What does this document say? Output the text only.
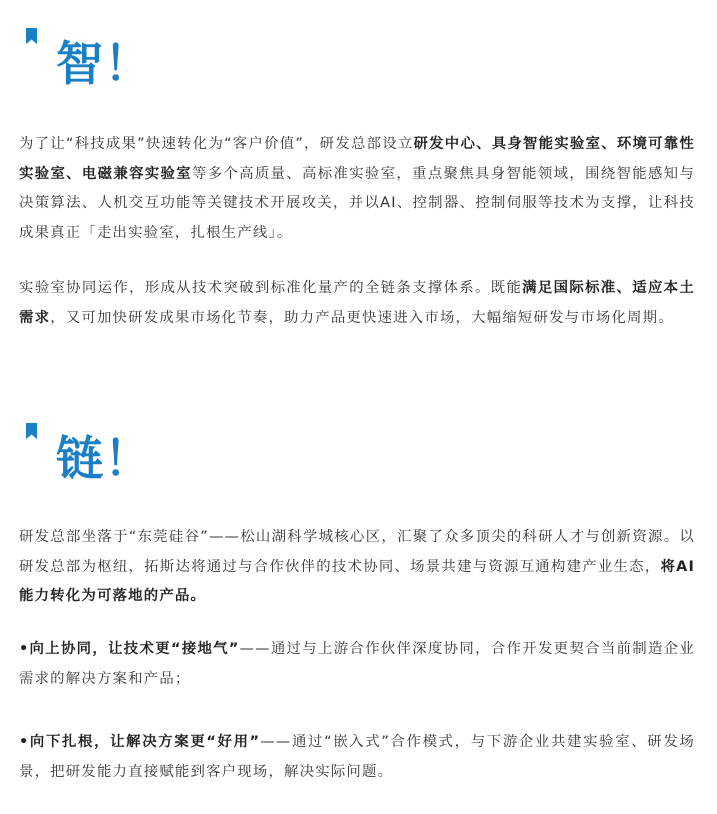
智！

为了让“科技成果”快速转化为“客户价值”，研发总部设立研发中心、具身智能实验室、环境可靠性实验室、电磁兼容实验室等多个高质量、高标准实验室，重点聚焦具身智能领域，围绕智能感知与决策算法、人机交互功能等关键技术开展攻关，并以AI、控制器、控制伺服等技术为支撑，让科技成果真正「走出实验室，扎根生产线」。

实验室协同运作，形成从技术突破到标准化量产的全链条支撑体系。既能满足国际标准、适应本土需求，又可加快研发成果市场化节奏，助力产品更快速进入市场，大幅缩短研发与市场化周期。

链！

研发总部坐落于“东莞硅谷”——松山湖科学城核心区，汇聚了众多顶尖的科研人才与创新资源。以研发总部为枢纽，拓斯达将通过与合作伙伴的技术协同、场景共建与资源互通构建产业生态，将AI能力转化为可落地的产品。

•向上协同，让技术更“接地气”——通过与上游合作伙伴深度协同，合作开发更契合当前制造企业需求的解决方案和产品；

•向下扎根，让解决方案更“好用”——通过“嵌入式”合作模式，与下游企业共建实验室、研发场景，把研发能力直接赋能到客户现场，解决实际问题。
